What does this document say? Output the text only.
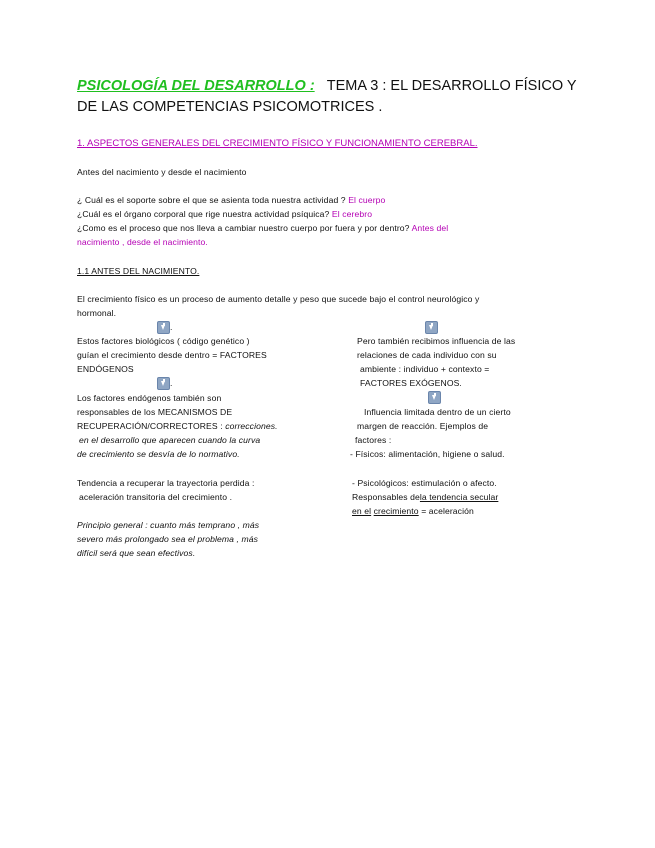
PSICOLOGÍA DEL DESARROLLO : TEMA 3 : EL DESARROLLO FÍSICO Y
DE LAS COMPETENCIAS PSICOMOTRICES .
1. ASPECTOS GENERALES DEL CRECIMIENTO FÍSICO Y FUNCIONAMIENTO CEREBRAL.
Antes del nacimiento y desde el nacimiento
¿ Cuál es el soporte sobre el que se asienta toda nuestra actividad ? El cuerpo
¿Cuál es el órgano corporal que rige nuestra actividad psíquica? El cerebro
¿Como es el proceso que nos lleva a cambiar nuestro cuerpo por fuera y por dentro? Antes del
nacimiento , desde el nacimiento.
1.1 ANTES DEL NACIMIENTO.
El crecimiento físico es un proceso de aumento detalle y peso que sucede bajo el control neurológico y
hormonal.
.
Estos factores biológicos ( código genético )
guían el crecimiento desde dentro = FACTORES
ENDÓGENOS
.
Los factores endógenos también son
responsables de los MECANISMOS DE
RECUPERACIÓN/CORRECTORES : correcciones.
en el desarrollo que aparecen cuando la curva
de crecimiento se desvía de lo normativo.
Tendencia a recuperar la trayectoria perdida :
aceleración transitoria del crecimiento .
Principio general : cuanto más temprano , más
severo más prolongado sea el problema , más
difícil será que sean efectivos.
Pero también recibimos influencia de las
relaciones de cada individuo con su
ambiente : individuo + contexto =
FACTORES EXÓGENOS.
Influencia limitada dentro de un cierto
margen de reacción. Ejemplos de
factores :
- Físicos: alimentación, higiene o salud.
- Psicológicos: estimulación o afecto.
Responsables dela tendencia secular
en el crecimiento = aceleración
